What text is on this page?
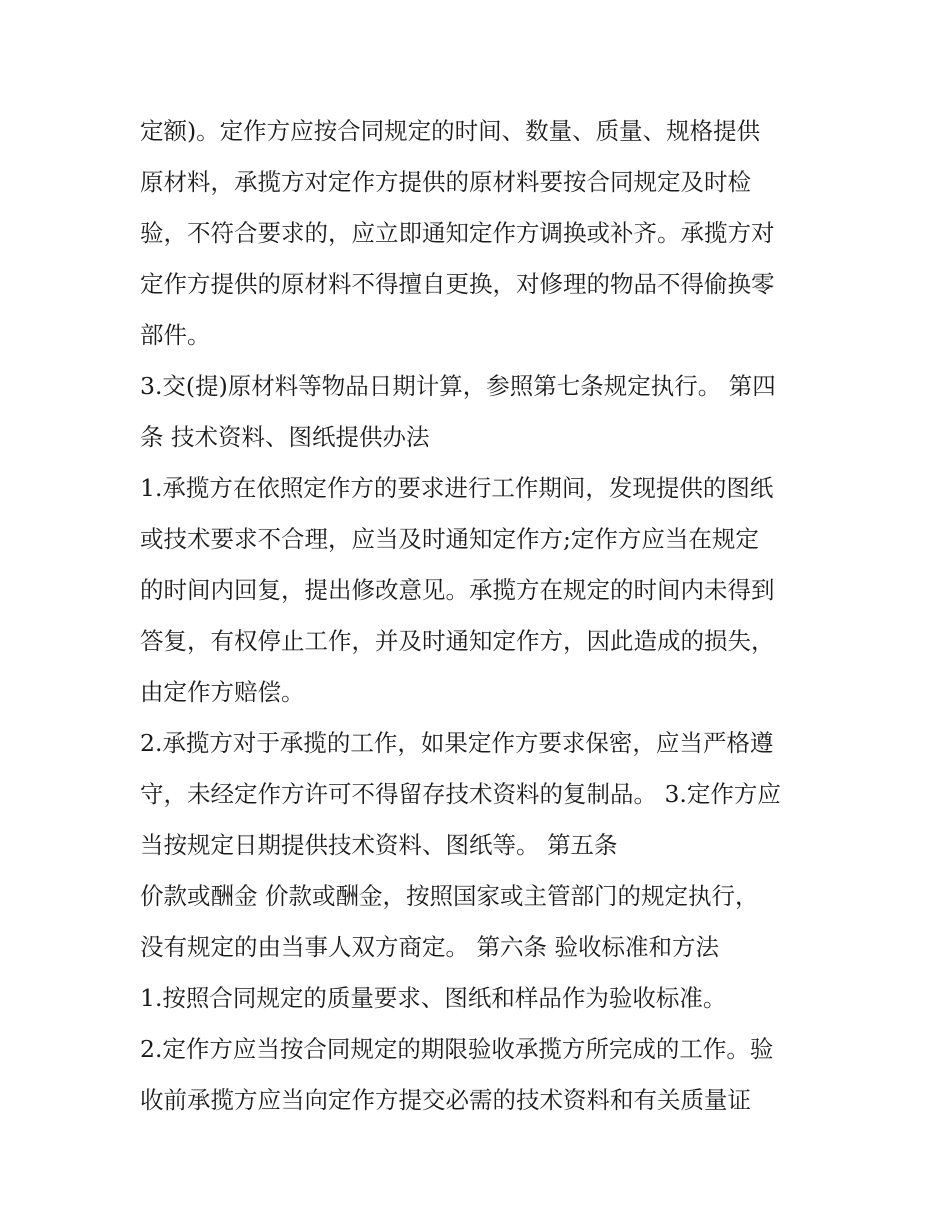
定额)。定作方应按合同规定的时间、数量、质量、规格提供
原材料，承揽方对定作方提供的原材料要按合同规定及时检
验，不符合要求的，应立即通知定作方调换或补齐。承揽方对
定作方提供的原材料不得擅自更换，对修理的物品不得偷换零
部件。
3.交(提)原材料等物品日期计算，参照第七条规定执行。 第四
条 技术资料、图纸提供办法
1.承揽方在依照定作方的要求进行工作期间，发现提供的图纸
或技术要求不合理，应当及时通知定作方;定作方应当在规定
的时间内回复，提出修改意见。承揽方在规定的时间内未得到
答复，有权停止工作，并及时通知定作方，因此造成的损失，
由定作方赔偿。
2.承揽方对于承揽的工作，如果定作方要求保密，应当严格遵
守，未经定作方许可不得留存技术资料的复制品。 3.定作方应
当按规定日期提供技术资料、图纸等。 第五条
价款或酬金 价款或酬金，按照国家或主管部门的规定执行，
没有规定的由当事人双方商定。 第六条 验收标准和方法
1.按照合同规定的质量要求、图纸和样品作为验收标准。
2.定作方应当按合同规定的期限验收承揽方所完成的工作。验
收前承揽方应当向定作方提交必需的技术资料和有关质量证
